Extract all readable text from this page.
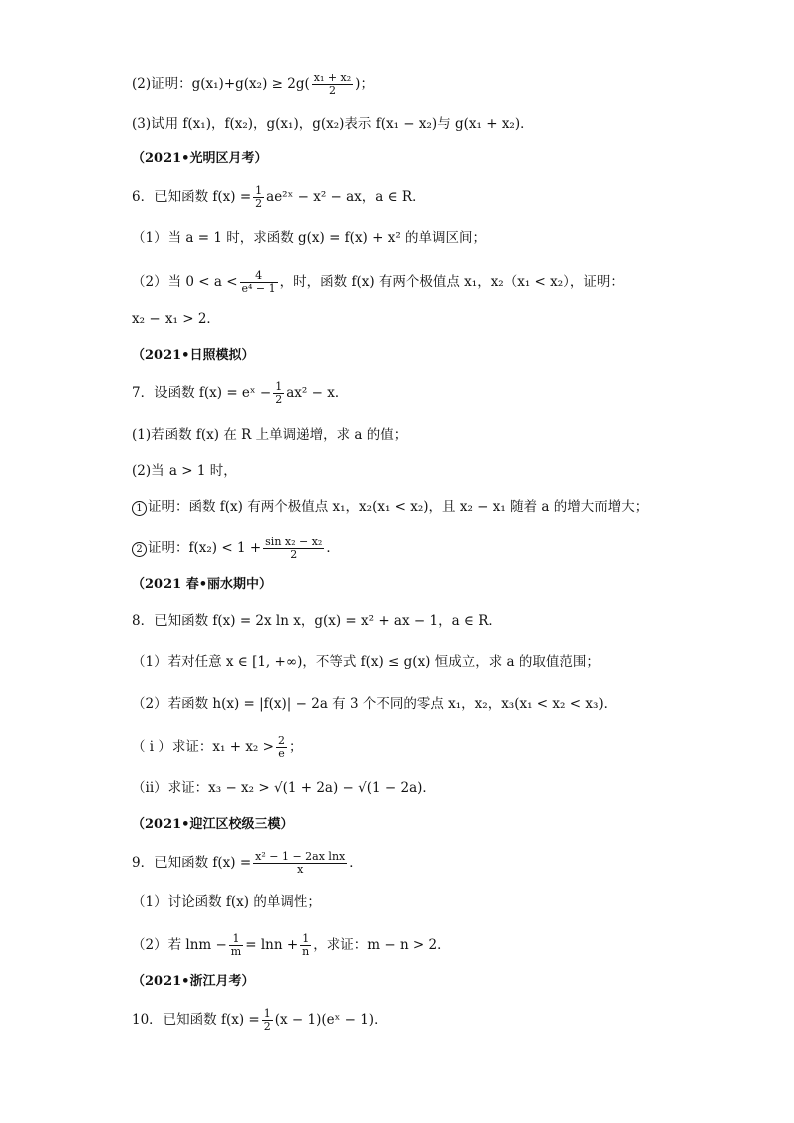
(2)证明：$g(x_1)+g(x_2) \ge 2g( \frac{\text{x₁ + x₂}}{2}$ )；
(3)试用 f(x₁)，f(x₂)，g(x₁)，g(x₂)表示 f(x₁ − x₂)与 g(x₁ + x₂)．
（2021•光明区月考）
6．已知函数 $f(x) = \frac{1}{2}$ ae²ˣ − x² − ax，a ∈ R．
（1）当 a = 1 时，求函数 g(x) = f(x) + x² 的单调区间；
（2）当 $0 < a < \frac{4}{\text{e⁴ − 1}}$ ，时，函数 f(x) 有两个极值点 x₁，x₂（x₁ < x₂），证明：
x₂ − x₁ > 2．
（2021•日照模拟）
7．设函数 f(x) = eˣ − $\frac{1}{2} ax^2 - x$．
(1)若函数 f(x) 在 R 上单调递增，求 a 的值；
(2)当 a > 1 时，
1 证明：函数 f(x) 有两个极值点 x₁，x₂(x₁ < x₂)，且 x₂ − x₁ 随着 a 的增大而增大；
2 证明：$f(x_2) < 1 + \frac{\text{sin x₂ − x₂}}{2}$ ．
（2021 春•丽水期中）
8．已知函数 f(x) = 2x ln x，g(x) = x² + ax − 1，a ∈ R．
（1）若对任意 x ∈ [1, +∞)，不等式 f(x) ≤ g(x) 恒成立，求 a 的取值范围；
（2）若函数 h(x) = |f(x)| − 2a 有 3 个不同的零点 x₁，x₂，x₃(x₁ < x₂ < x₃)．
（ i ）求证：$x_1 + x_2 > \frac{2}{e}$ ；
（ii）求证：x₃ − x₂ > √(1 + 2a) − √(1 − 2a)．
（2021•迎江区校级三模）
9．已知函数 $f(x) = \frac{\text{x² − 1 − 2ax lnx}}{x}$ ．
（1）讨论函数 f(x) 的单调性；
（2）若 $\ln m - \frac{1}{m} = \ln n + \frac{1}{n}$ ，求证：m − n > 2．
（2021•浙江月考）
10．已知函数 $f(x) = \frac{1}{2} (x$ − 1)(eˣ − 1)．
